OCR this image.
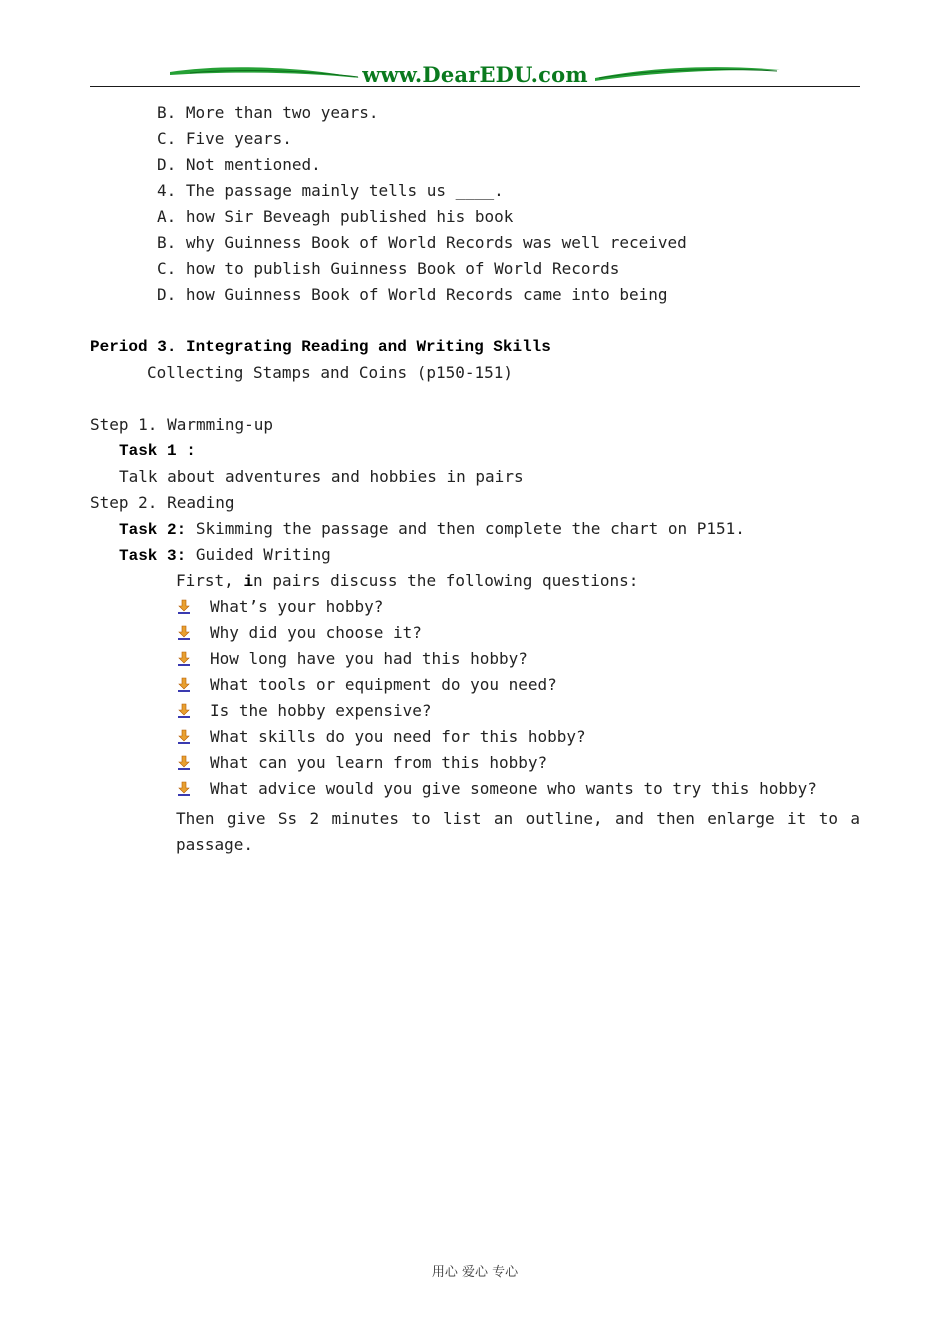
www.DearEDU.com
B. More than two years.
C. Five years.
D. Not mentioned.
4. The passage mainly tells us ____.
A. how Sir Beveagh published his book
B. why Guinness Book of World Records was well received
C. how to publish Guinness Book of World Records
D. how Guinness Book of World Records came into being
Period 3. Integrating Reading and Writing Skills
Collecting Stamps and Coins (p150-151)
Step 1. Warmming-up
Task 1 :
Talk about adventures and hobbies in pairs
Step 2. Reading
Task 2: Skimming the passage and then complete the chart on P151.
Task 3: Guided Writing
First, in pairs discuss the following questions:
What’s your hobby?
Why did you choose it?
How long have you had this hobby?
What tools or equipment do you need?
Is the hobby expensive?
What skills do you need for this hobby?
What can you learn from this hobby?
What advice would you give someone who wants to try this hobby?
Then give Ss 2 minutes to list an outline, and then enlarge it to a passage.
用心 爱心 专心
